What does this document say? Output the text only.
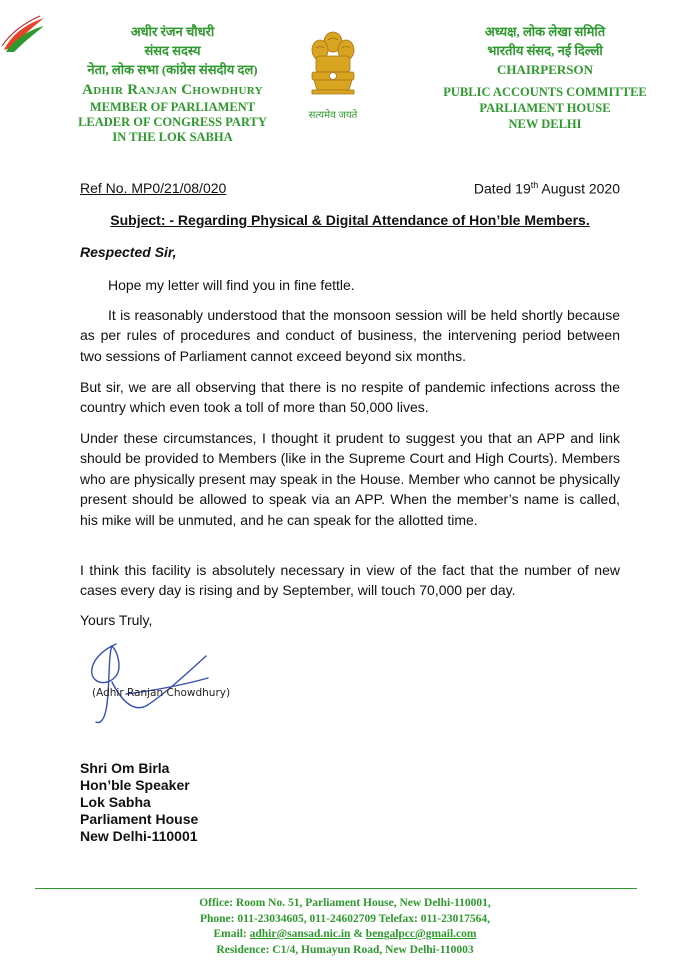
अधीर रंजन चौधरी
संसद सदस्य
नेता, लोक सभा (कांग्रेस संसदीय दल)
Adhir Ranjan Chowdhury
MEMBER OF PARLIAMENT
LEADER OF CONGRESS PARTY
IN THE LOK SABHA
सत्यमेव जयते
अध्यक्ष, लोक लेखा समिति
भारतीय संसद, नई दिल्ली
CHAIRPERSON
PUBLIC ACCOUNTS COMMITTEE
PARLIAMENT HOUSE
NEW DELHI
Ref No. MP0/21/08/020	Dated 19th August 2020
Subject: - Regarding Physical & Digital Attendance of Hon’ble Members.
Respected Sir,
Hope my letter will find you in fine fettle.
It is reasonably understood that the monsoon session will be held shortly because as per rules of procedures and conduct of business, the intervening period between two sessions of Parliament cannot exceed beyond six months.
But sir, we are all observing that there is no respite of pandemic infections across the country which even took a toll of more than 50,000 lives.
Under these circumstances, I thought it prudent to suggest you that an APP and link should be provided to Members (like in the Supreme Court and High Courts). Members who are physically present may speak in the House. Member who cannot be physically present should be allowed to speak via an APP. When the member’s name is called, his mike will be unmuted, and he can speak for the allotted time.
I think this facility is absolutely necessary in view of the fact that the number of new cases every day is rising and by September, will touch 70,000 per day.
Yours Truly,
(Adhir Ranjan Chowdhury)
Shri Om Birla
Hon’ble Speaker
Lok Sabha
Parliament House
New Delhi-110001
Office: Room No. 51, Parliament House, New Delhi-110001,
Phone: 011-23034605, 011-24602709 Telefax: 011-23017564,
Email: adhir@sansad.nic.in & bengalpcc@gmail.com
Residence: C1/4, Humayun Road, New Delhi-110003
